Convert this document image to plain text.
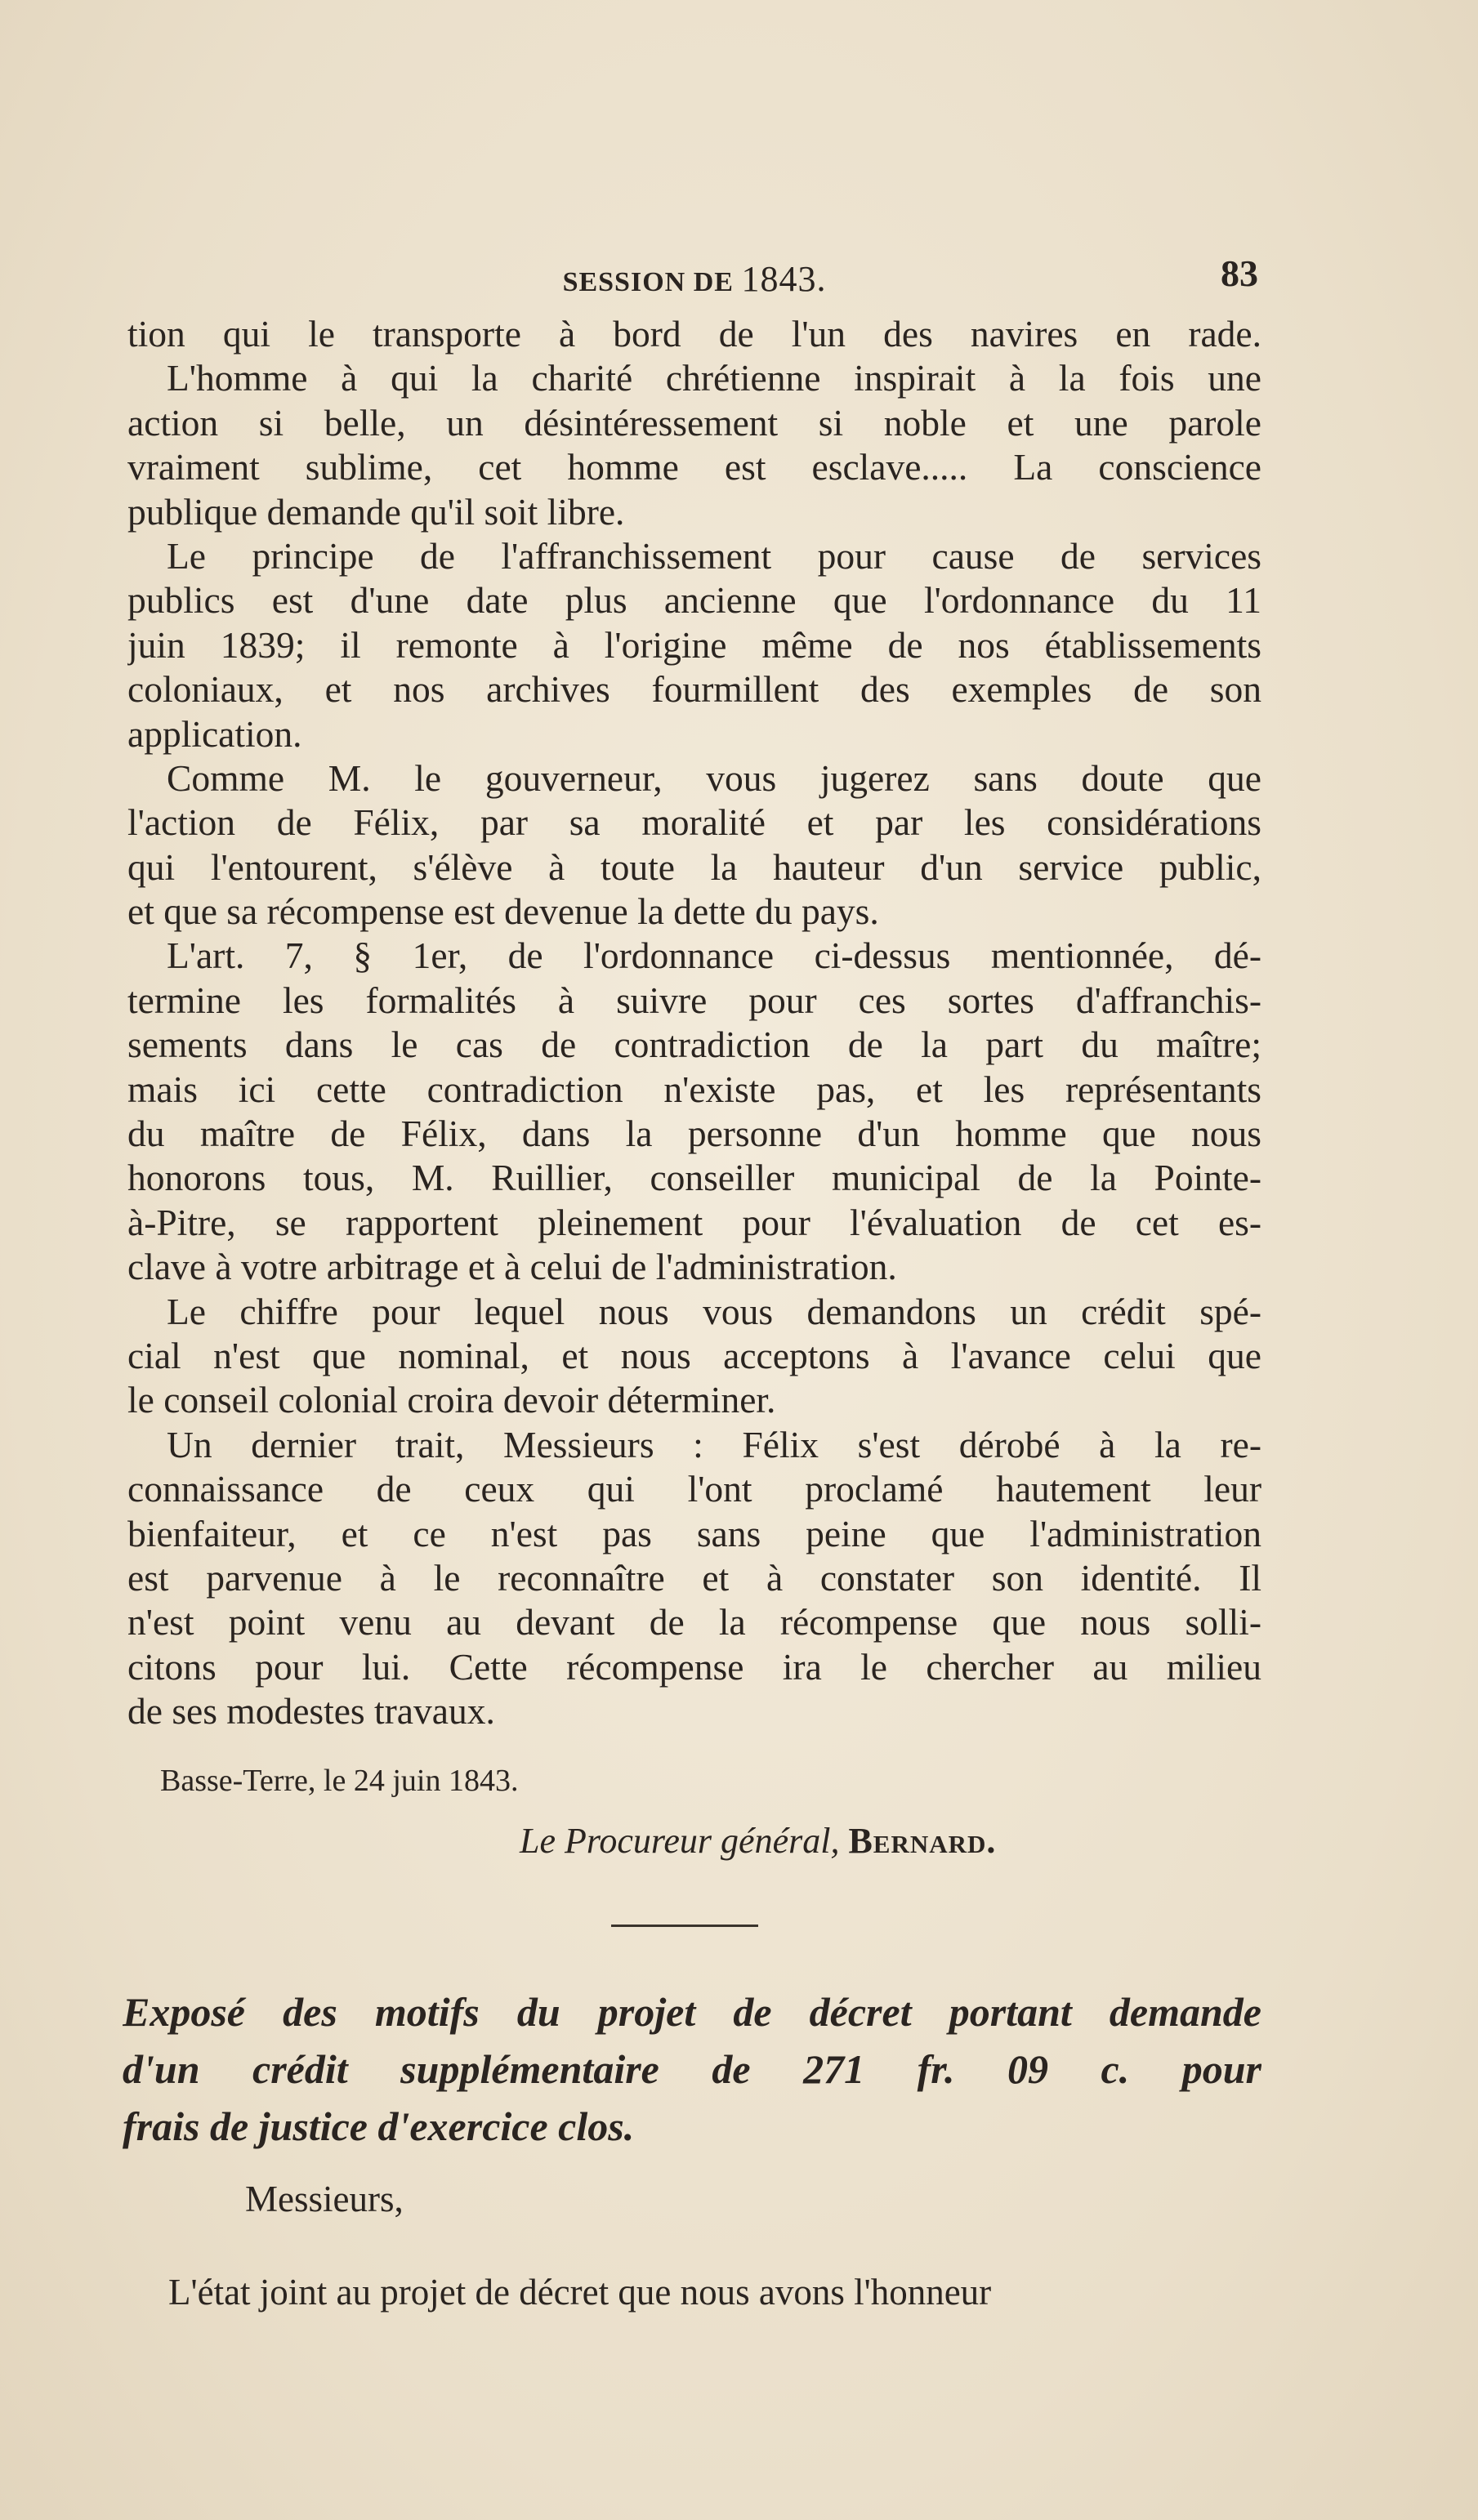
SESSION DE 1843.	83
tion qui le transporte à bord de l'un des navires en rade.
L'homme à qui la charité chrétienne inspirait à la fois une
action si belle, un désintéressement si noble et une parole
vraiment sublime, cet homme est esclave..... La conscience
publique demande qu'il soit libre.
Le principe de l'affranchissement pour cause de services
publics est d'une date plus ancienne que l'ordonnance du 11
juin 1839; il remonte à l'origine même de nos établissements
coloniaux, et nos archives fourmillent des exemples de son
application.
Comme M. le gouverneur, vous jugerez sans doute que
l'action de Félix, par sa moralité et par les considérations
qui l'entourent, s'élève à toute la hauteur d'un service public,
et que sa récompense est devenue la dette du pays.
L'art. 7, § 1er, de l'ordonnance ci-dessus mentionnée, dé-
termine les formalités à suivre pour ces sortes d'affranchis-
sements dans le cas de contradiction de la part du maître;
mais ici cette contradiction n'existe pas, et les représentants
du maître de Félix, dans la personne d'un homme que nous
honorons tous, M. Ruillier, conseiller municipal de la Pointe-
à-Pitre, se rapportent pleinement pour l'évaluation de cet es-
clave à votre arbitrage et à celui de l'administration.
Le chiffre pour lequel nous vous demandons un crédit spé-
cial n'est que nominal, et nous acceptons à l'avance celui que
le conseil colonial croira devoir déterminer.
Un dernier trait, Messieurs : Félix s'est dérobé à la re-
connaissance de ceux qui l'ont proclamé hautement leur
bienfaiteur, et ce n'est pas sans peine que l'administration
est parvenue à le reconnaître et à constater son identité. Il
n'est point venu au devant de la récompense que nous solli-
citons pour lui. Cette récompense ira le chercher au milieu
de ses modestes travaux.
Basse-Terre, le 24 juin 1843.
Le Procureur général, Bernard.
Exposé des motifs du projet de décret portant demande
d'un crédit supplémentaire de 271 fr. 09 c. pour
frais de justice d'exercice clos.
Messieurs,
L'état joint au projet de décret que nous avons l'honneur
